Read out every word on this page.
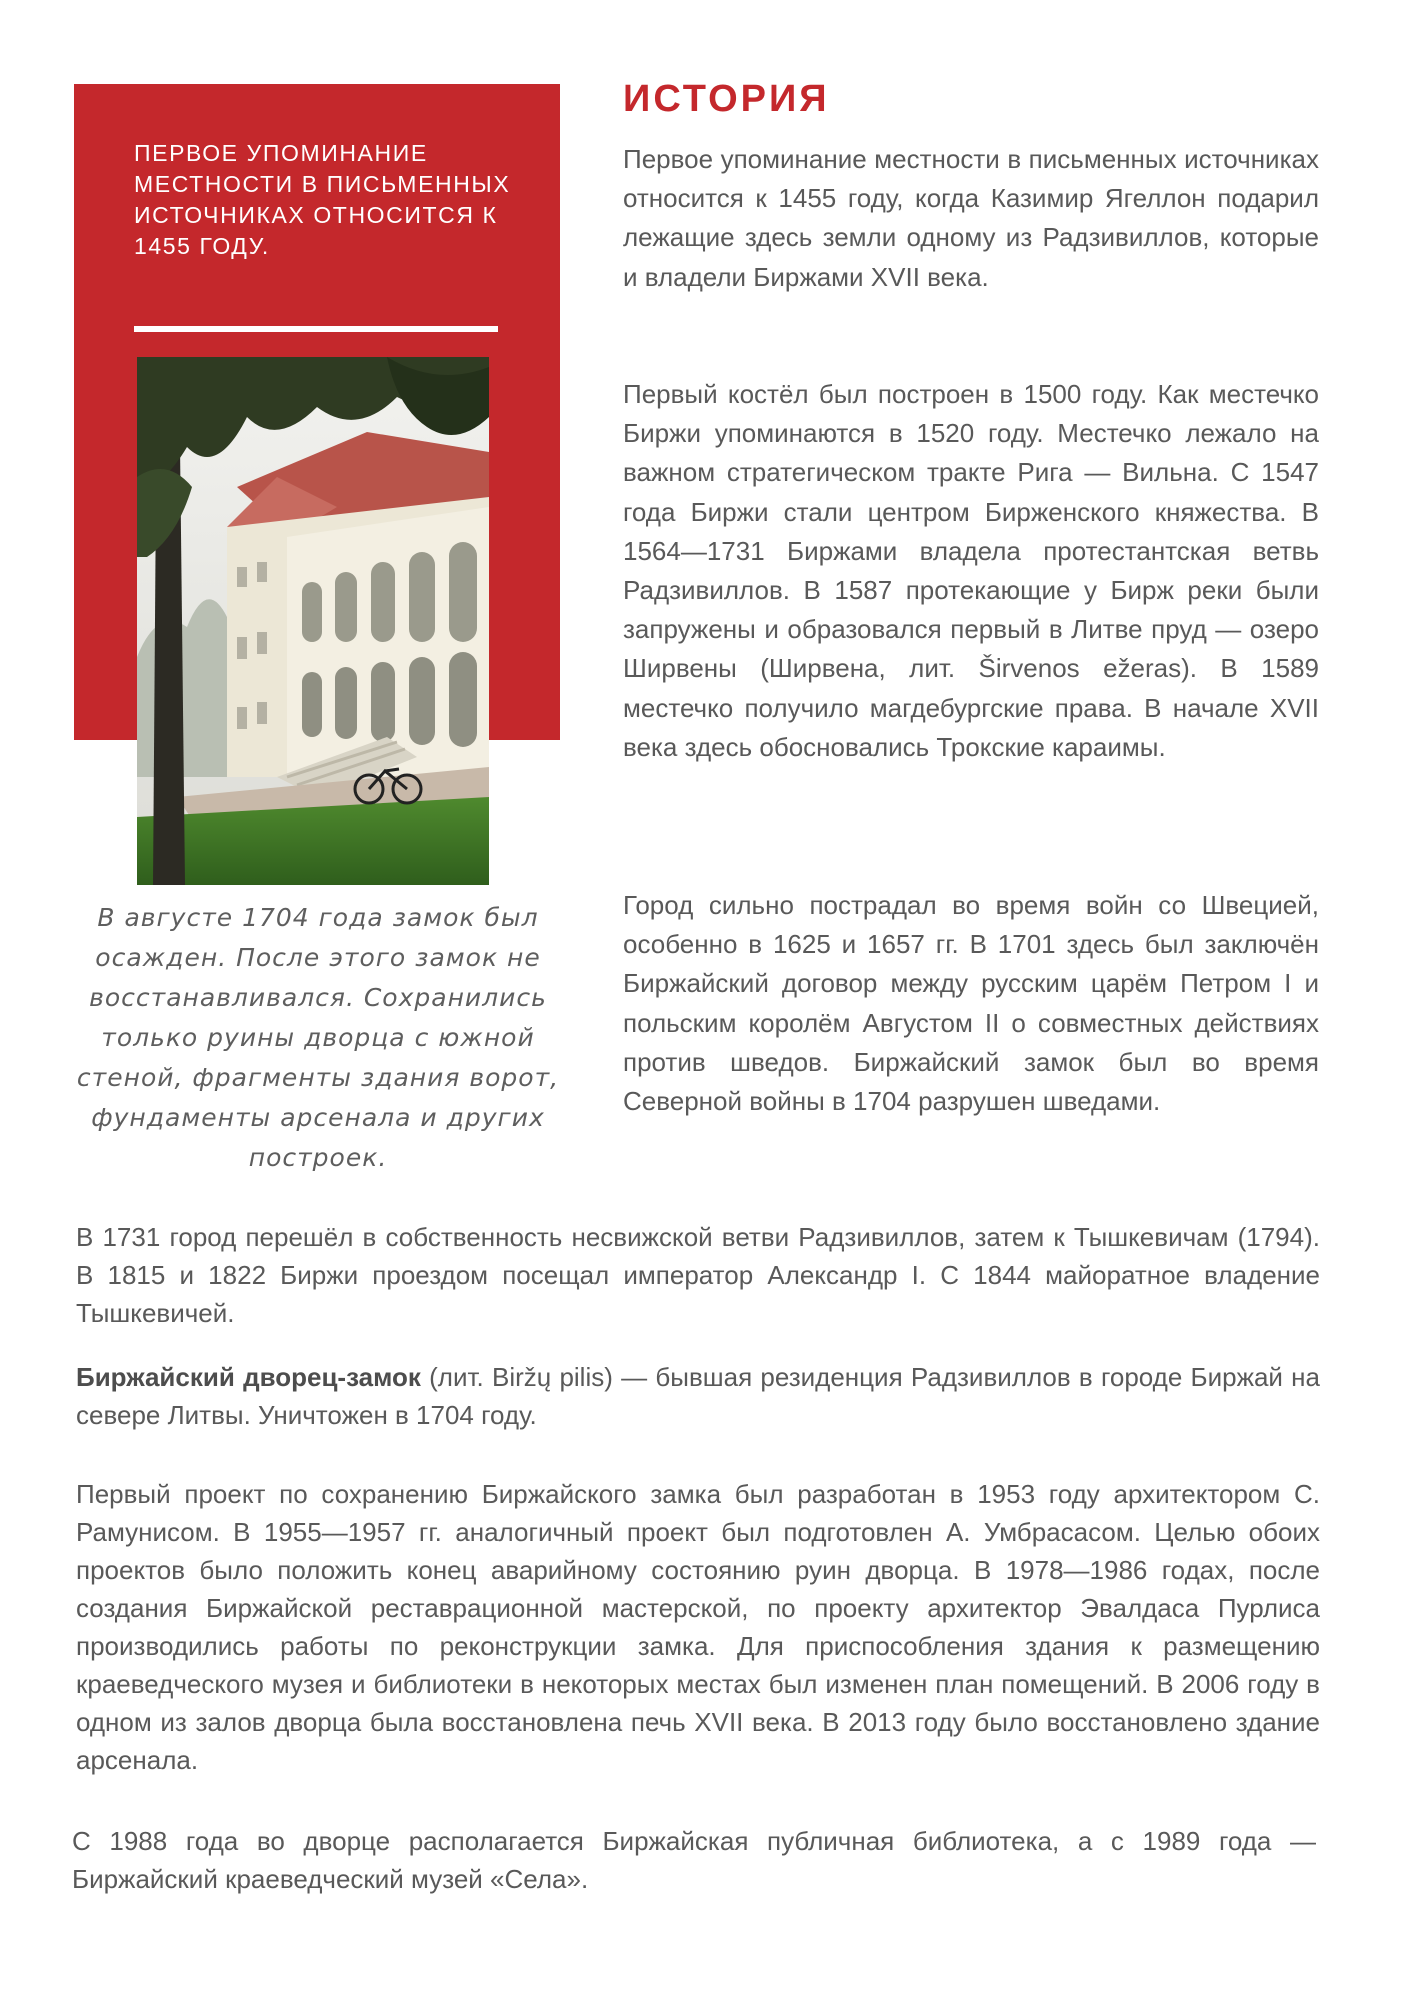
ПЕРВОЕ УПОМИНАНИЕ МЕСТНОСТИ В ПИСЬМЕННЫХ ИСТОЧНИКАХ ОТНОСИТСЯ К 1455 ГОДУ.

В августе 1704 года замок был осажден. После этого замок не восстанавливался. Сохранились только руины дворца с южной стеной, фрагменты здания ворот, фундаменты арсенала и других построек.

ИСТОРИЯ

Первое упоминание местности в письменных источниках относится к 1455 году, когда Казимир Ягеллон подарил лежащие здесь земли одному из Радзивиллов, которые и владели Биржами XVII века.

Первый костёл был построен в 1500 году. Как местечко Биржи упоминаются в 1520 году. Местечко лежало на важном стратегическом тракте Рига — Вильна. С 1547 года Биржи стали центром Бирженского княжества. В 1564—1731 Биржами владела протестантская ветвь Радзивиллов. В 1587 протекающие у Бирж реки были запружены и образовался первый в Литве пруд — озеро Ширвены (Ширвена, лит. Širvenos ežeras). В 1589 местечко получило магдебургские права. В начале XVII века здесь обосновались Трокские караимы.

Город сильно пострадал во время войн со Швецией, особенно в 1625 и 1657 гг. В 1701 здесь был заключён Биржайский договор между русским царём Петром I и польским королём Августом II о совместных действиях против шведов. Биржайский замок был во время Северной войны в 1704 разрушен шведами.

В 1731 город перешёл в собственность несвижской ветви Радзивиллов, затем к Тышкевичам (1794). В 1815 и 1822 Биржи проездом посещал император Александр I. С 1844 майоратное владение Тышкевичей.

Биржайский дворец-замок (лит. Biržų pilis) — бывшая резиденция Радзивиллов в городе Биржай на севере Литвы. Уничтожен в 1704 году.

Первый проект по сохранению Биржайского замка был разработан в 1953 году архитектором С. Рамунисом. В 1955—1957 гг. аналогичный проект был подготовлен А. Умбрасасом. Целью обоих проектов было положить конец аварийному состоянию руин дворца. В 1978—1986 годах, после создания Биржайской реставрационной мастерской, по проекту архитектор Эвалдаса Пурлиса производились работы по реконструкции замка. Для приспособления здания к размещению краеведческого музея и библиотеки в некоторых местах был изменен план помещений. В 2006 году в одном из залов дворца была восстановлена печь XVII века. В 2013 году было восстановлено здание арсенала.

С 1988 года во дворце располагается Биржайская публичная библиотека, а с 1989 года — Биржайский краеведческий музей «Села».
